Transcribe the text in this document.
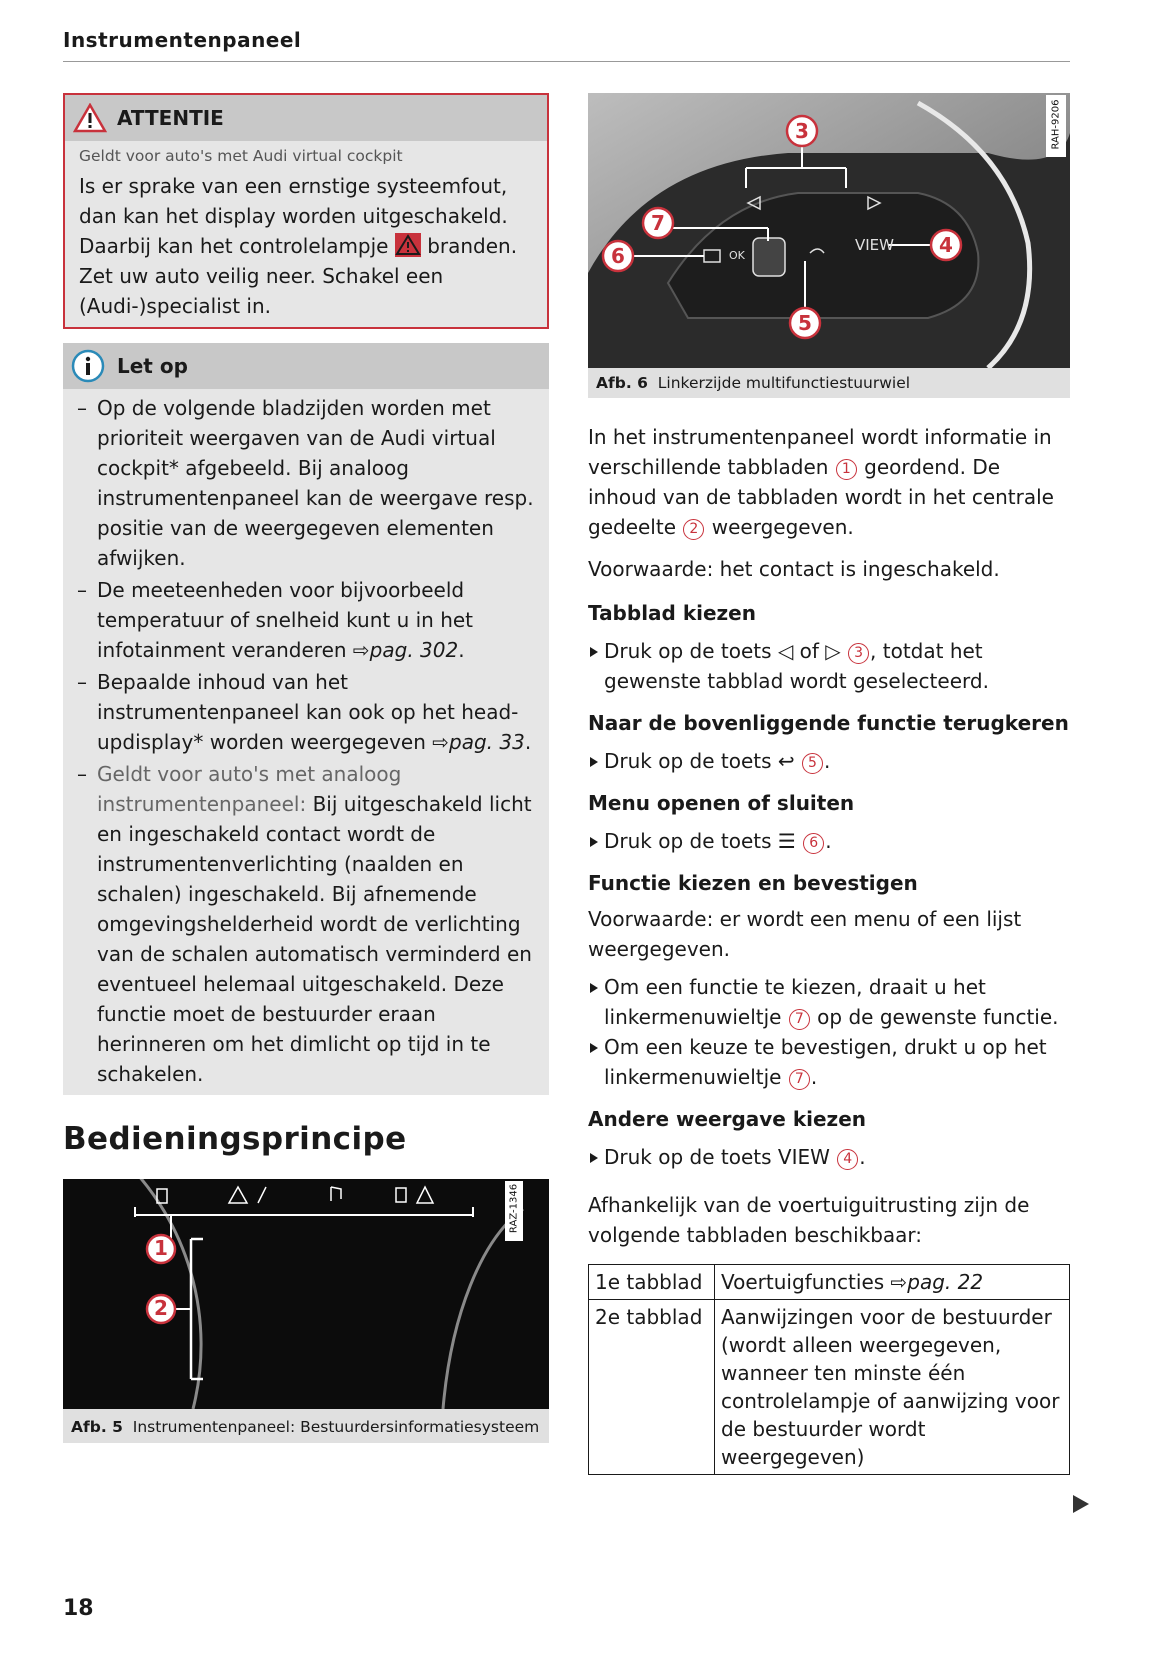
Instrumentenpaneel
ATTENTIE
Geldt voor auto's met Audi virtual cockpit
Is er sprake van een ernstige systeemfout, dan kan het display worden uitgeschakeld. Daarbij kan het controlelampje branden. Zet uw auto veilig neer. Schakel een (Audi-)specialist in.
Let op
– Op de volgende bladzijden worden met prioriteit weergaven van de Audi virtual cockpit* afgebeeld. Bij analoog instrumentenpaneel kan de weergave resp. positie van de weergegeven elementen afwijken.
– De meeteenheden voor bijvoorbeeld temperatuur of snelheid kunt u in het infotainment veranderen ⇨pag. 302.
– Bepaalde inhoud van het instrumentenpaneel kan ook op het head-updisplay* worden weergegeven ⇨pag. 33.
– Geldt voor auto's met analoog instrumentenpaneel: Bij uitgeschakeld licht en ingeschakeld contact wordt de instrumentenverlichting (naalden en schalen) ingeschakeld. Bij afnemende omgevingshelderheid wordt de verlichting van de schalen automatisch verminderd en eventueel helemaal uitgeschakeld. Deze functie moet de bestuurder eraan herinneren om het dimlicht op tijd in te schakelen.
Bedieningsprincipe
1
2
RAZ-1346
Afb. 5 Instrumentenpaneel: Bestuurdersinformatiesysteem
3
4
5
6
7
OK
VIEW
RAH-9206
Afb. 6 Linkerzijde multifunctiestuurwiel
In het instrumentenpaneel wordt informatie in verschillende tabbladen 1 geordend. De inhoud van de tabbladen wordt in het centrale gedeelte 2 weergegeven.
Voorwaarde: het contact is ingeschakeld.
Tabblad kiezen
Druk op de toets ◁ of ▷ 3 , totdat het gewenste tabblad wordt geselecteerd.
Naar de bovenliggende functie terugkeren
Druk op de toets ↩ 5 .
Menu openen of sluiten
Druk op de toets ☰ 6 .
Functie kiezen en bevestigen
Voorwaarde: er wordt een menu of een lijst weergegeven.
Om een functie te kiezen, draait u het linkermenuwieltje 7 op de gewenste functie.
Om een keuze te bevestigen, drukt u op het linkermenuwieltje 7 .
Andere weergave kiezen
Druk op de toets VIEW 4 .
Afhankelijk van de voertuiguitrusting zijn de volgende tabbladen beschikbaar:
1e tabblad	Voertuigfuncties ⇨pag. 22
2e tabblad	Aanwijzingen voor de bestuurder (wordt alleen weergegeven, wanneer ten minste één controlelampje of aanwijzing voor de bestuurder wordt weergegeven)
18
